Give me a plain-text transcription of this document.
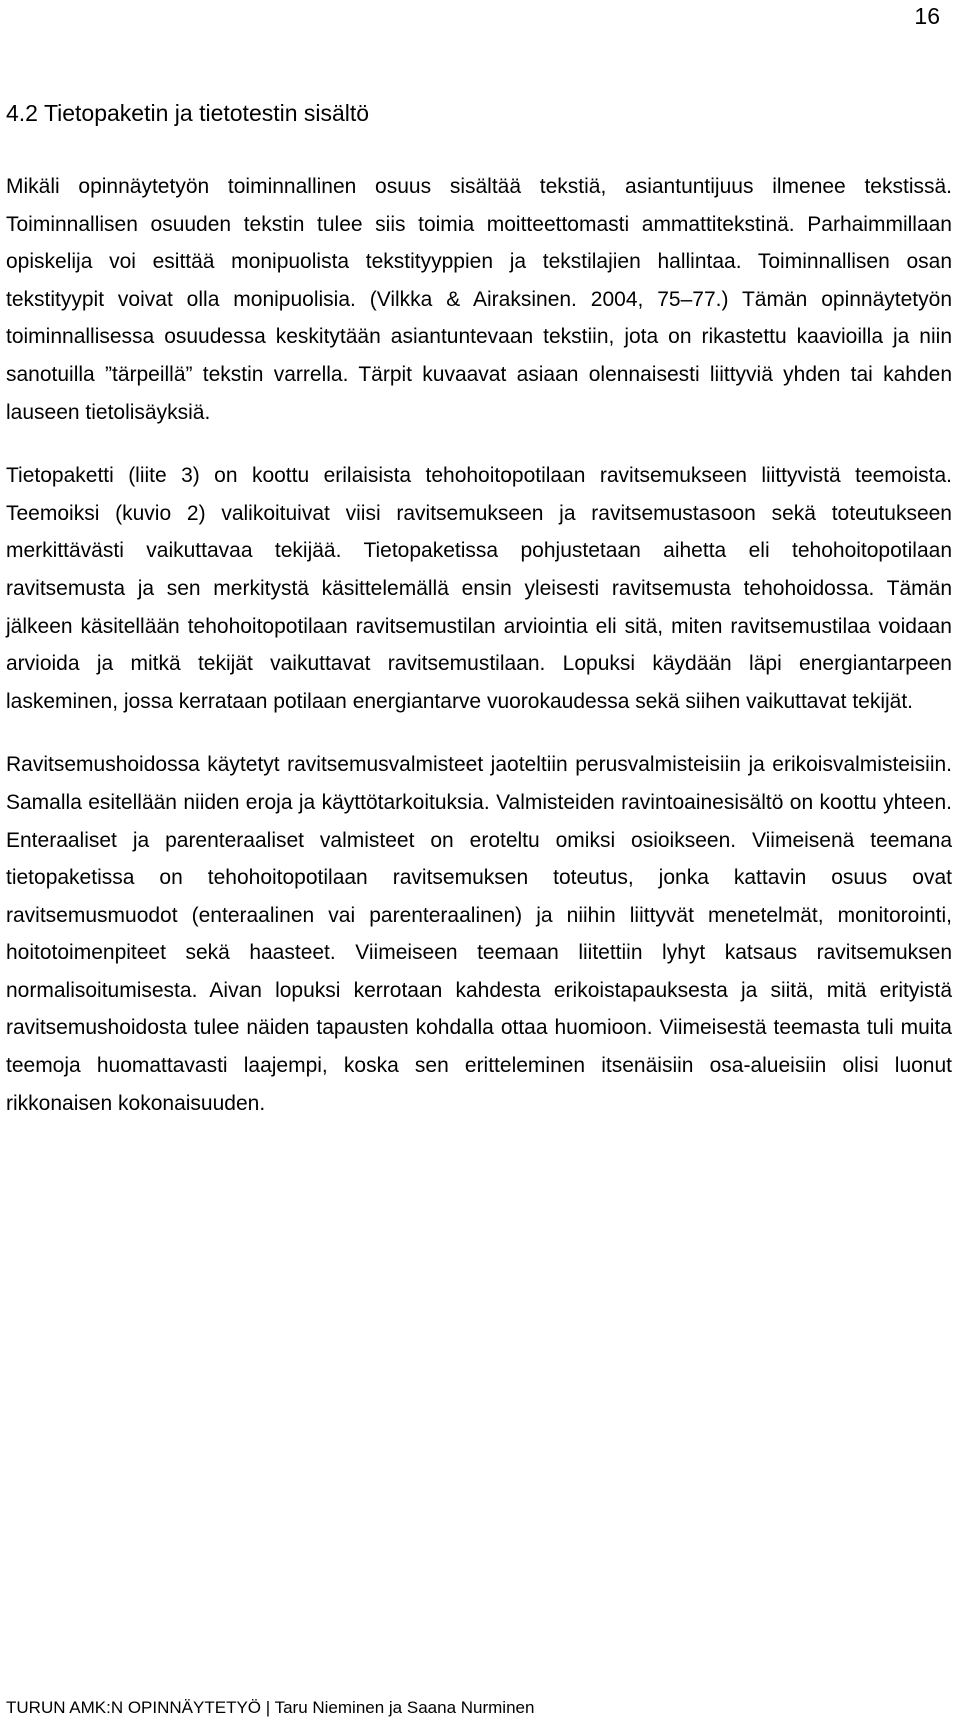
16
4.2 Tietopaketin ja tietotestin sisältö

Mikäli opinnäytetyön toiminnallinen osuus sisältää tekstiä, asiantuntijuus ilmenee tekstissä. Toiminnallisen osuuden tekstin tulee siis toimia moitteettomasti ammattitekstinä. Parhaimmillaan opiskelija voi esittää monipuolista tekstityyppien ja tekstilajien hallintaa. Toiminnallisen osan tekstityypit voivat olla monipuolisia. (Vilkka & Airaksinen. 2004, 75–77.) Tämän opinnäytetyön toiminnallisessa osuudessa keskitytään asiantuntevaan tekstiin, jota on rikastettu kaavioilla ja niin sanotuilla ”tärpeillä” tekstin varrella. Tärpit kuvaavat asiaan olennaisesti liittyviä yhden tai kahden lauseen tietolisäyksiä.

Tietopaketti (liite 3) on koottu erilaisista tehohoitopotilaan ravitsemukseen liittyvistä teemoista. Teemoiksi (kuvio 2) valikoituivat viisi ravitsemukseen ja ravitsemustasoon sekä toteutukseen merkittävästi vaikuttavaa tekijää. Tietopaketissa pohjustetaan aihetta eli tehohoitopotilaan ravitsemusta ja sen merkitystä käsittelemällä ensin yleisesti ravitsemusta tehohoidossa. Tämän jälkeen käsitellään tehohoitopotilaan ravitsemustilan arviointia eli sitä, miten ravitsemustilaa voidaan arvioida ja mitkä tekijät vaikuttavat ravitsemustilaan. Lopuksi käydään läpi energiantarpeen laskeminen, jossa kerrataan potilaan energiantarve vuorokaudessa sekä siihen vaikuttavat tekijät.

Ravitsemushoidossa käytetyt ravitsemusvalmisteet jaoteltiin perusvalmisteisiin ja erikoisvalmisteisiin. Samalla esitellään niiden eroja ja käyttötarkoituksia. Valmisteiden ravintoainesisältö on koottu yhteen. Enteraaliset ja parenteraaliset valmisteet on eroteltu omiksi osioikseen. Viimeisenä teemana tietopaketissa on tehohoitopotilaan ravitsemuksen toteutus, jonka kattavin osuus ovat ravitsemusmuodot (enteraalinen vai parenteraalinen) ja niihin liittyvät menetelmät, monitorointi, hoitotoimenpiteet sekä haasteet. Viimeiseen teemaan liitettiin lyhyt katsaus ravitsemuksen normalisoitumisesta. Aivan lopuksi kerrotaan kahdesta erikoistapauksesta ja siitä, mitä erityistä ravitsemushoidosta tulee näiden tapausten kohdalla ottaa huomioon. Viimeisestä teemasta tuli muita teemoja huomattavasti laajempi, koska sen eritteleminen itsenäisiin osa-alueisiin olisi luonut rikkonaisen kokonaisuuden.

TURUN AMK:N OPINNÄYTETYÖ | Taru Nieminen ja Saana Nurminen
